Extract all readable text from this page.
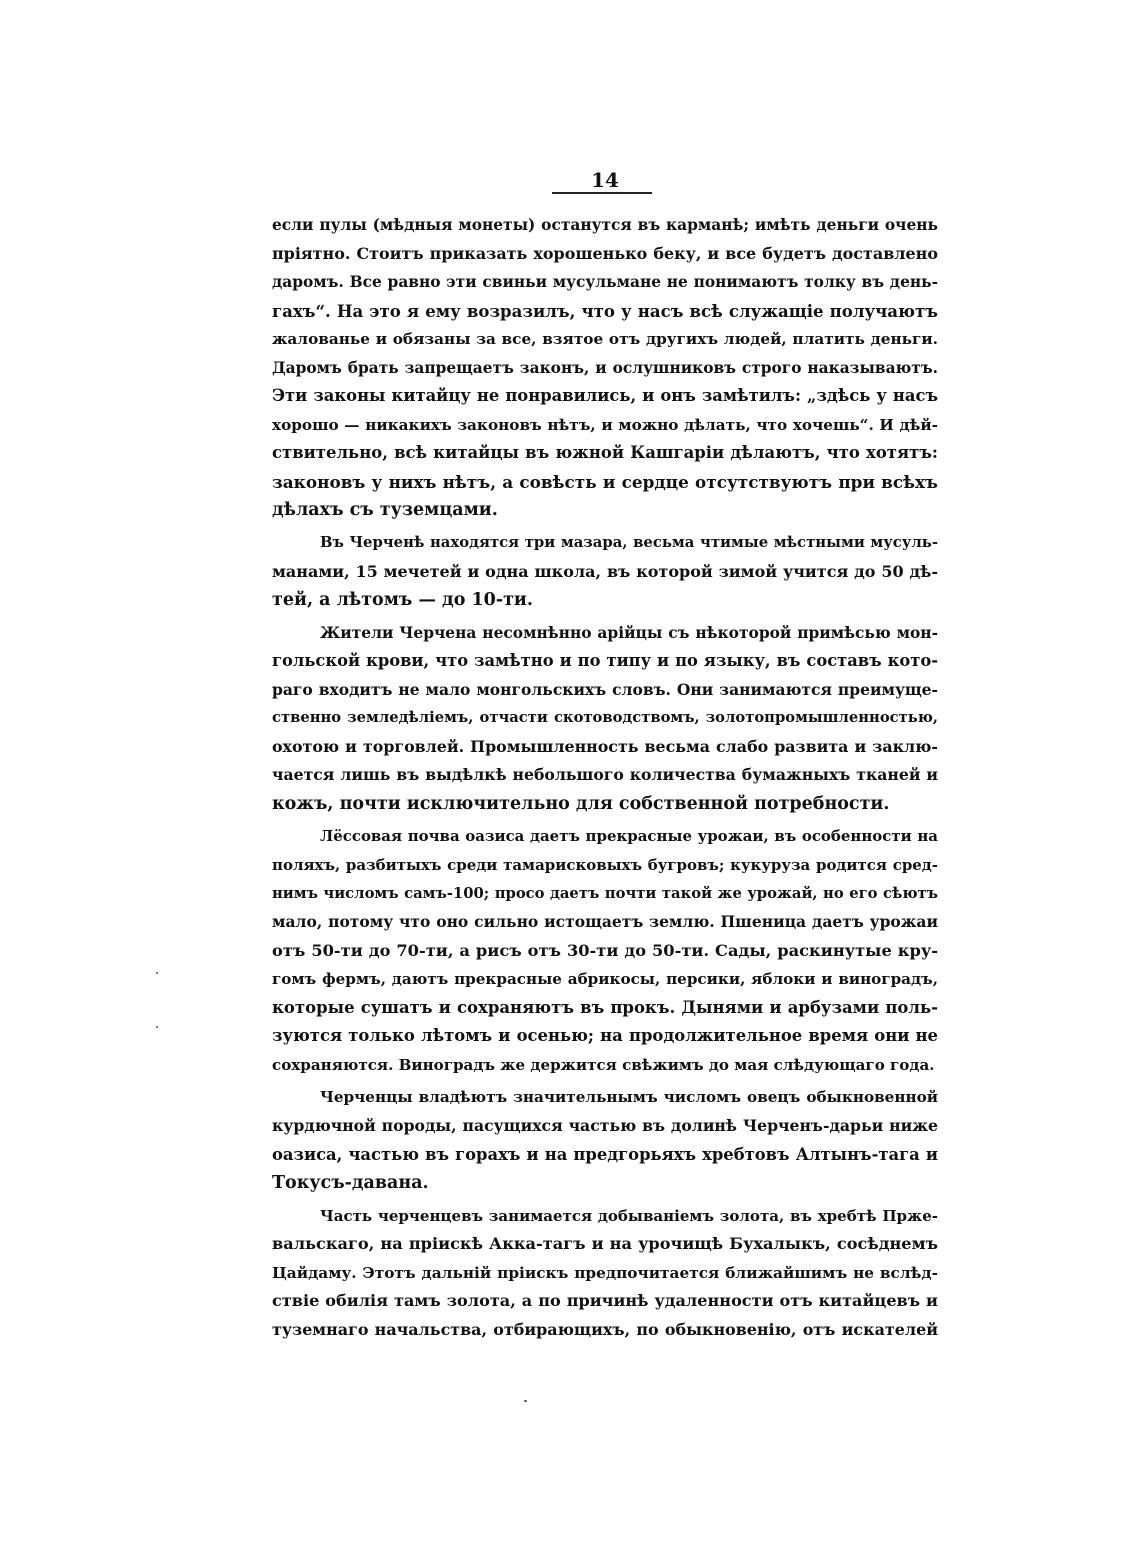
14
если пулы (мѣдныя монеты) останутся въ карманѣ; имѣть деньги очень
пріятно. Стоитъ приказать хорошенько беку, и все будетъ доставлено
даромъ. Все равно эти свиньи мусульмане не понимаютъ толку въ день-
гахъ“. На это я ему возразилъ, что у насъ всѣ служащіе получаютъ
жалованье и обязаны за все, взятое отъ другихъ людей, платить деньги.
Даромъ брать запрещаетъ законъ, и ослушниковъ строго наказываютъ.
Эти законы китайцу не понравились, и онъ замѣтилъ: „здѣсь у насъ
хорошо — никакихъ законовъ нѣтъ, и можно дѣлать, что хочешь“. И дѣй-
ствительно, всѣ китайцы въ южной Кашгаріи дѣлаютъ, что хотятъ:
законовъ у нихъ нѣтъ, а совѣсть и сердце отсутствуютъ при всѣхъ
дѣлахъ съ туземцами.
Въ Черченѣ находятся три мазара, весьма чтимые мѣстными мусуль-
манами, 15 мечетей и одна школа, въ которой зимой учится до 50 дѣ-
тей, а лѣтомъ — до 10-ти.
Жители Черчена несомнѣнно арійцы съ нѣкоторой примѣсью мон-
гольской крови, что замѣтно и по типу и по языку, въ составъ кото-
раго входитъ не мало монгольскихъ словъ. Они занимаются преимуще-
ственно земледѣліемъ, отчасти скотоводствомъ, золотопромышленностью,
охотою и торговлей. Промышленность весьма слабо развита и заклю-
чается лишь въ выдѣлкѣ небольшого количества бумажныхъ тканей и
кожъ, почти исключительно для собственной потребности.
Лёссовая почва оазиса даетъ прекрасные урожаи, въ особенности на
поляхъ, разбитыхъ среди тамарисковыхъ бугровъ; кукуруза родится сред-
нимъ числомъ самъ-100; просо даетъ почти такой же урожай, но его сѣютъ
мало, потому что оно сильно истощаетъ землю. Пшеница даетъ урожаи
отъ 50-ти до 70-ти, а рисъ отъ 30-ти до 50-ти. Сады, раскинутые кру-
гомъ фермъ, даютъ прекрасные абрикосы, персики, яблоки и виноградъ,
которые сушатъ и сохраняютъ въ прокъ. Дынями и арбузами поль-
зуются только лѣтомъ и осенью; на продолжительное время они не
сохраняются. Виноградъ же держится свѣжимъ до мая слѣдующаго года.
Черченцы владѣютъ значительнымъ числомъ овецъ обыкновенной
курдючной породы, пасущихся частью въ долинѣ Черченъ-дарьи ниже
оазиса, частью въ горахъ и на предгорьяхъ хребтовъ Алтынъ-тага и
Токусъ-давана.
Часть черченцевъ занимается добываніемъ золота, въ хребтѣ Прже-
вальскаго, на пріискѣ Акка-тагъ и на урочищѣ Бухалыкъ, сосѣднемъ
Цайдаму. Этотъ дальній пріискъ предпочитается ближайшимъ не вслѣд-
ствіе обилія тамъ золота, а по причинѣ удаленности отъ китайцевъ и
туземнаго начальства, отбирающихъ, по обыкновенію, отъ искателей
